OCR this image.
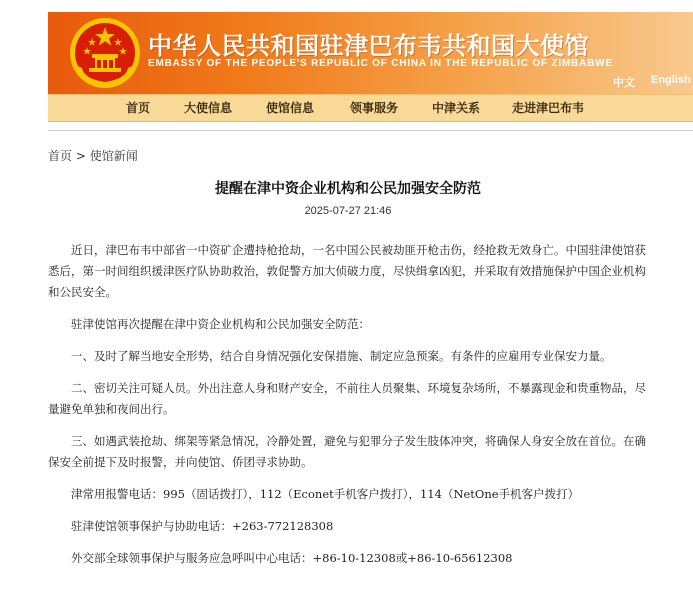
中华人民共和国驻津巴布韦共和国大使馆
EMBASSY OF THE PEOPLE'S REPUBLIC OF CHINA IN THE REPUBLIC OF ZIMBABWE
中文 English
首页	大使信息	使馆信息	领事服务	中津关系	走进津巴布韦
首页 > 使馆新闻
提醒在津中资企业机构和公民加强安全防范
2025-07-27 21:46

近日，津巴布韦中部省一中资矿企遭持枪抢劫，一名中国公民被劫匪开枪击伤，经抢救无效身亡。中国驻津使馆获悉后，第一时间组织援津医疗队协助救治，敦促警方加大侦破力度，尽快缉拿凶犯，并采取有效措施保护中国企业机构和公民安全。

驻津使馆再次提醒在津中资企业机构和公民加强安全防范：

一、及时了解当地安全形势，结合自身情况强化安保措施、制定应急预案。有条件的应雇用专业保安力量。

二、密切关注可疑人员。外出注意人身和财产安全，不前往人员聚集、环境复杂场所，不暴露现金和贵重物品，尽量避免单独和夜间出行。

三、如遇武装抢劫、绑架等紧急情况，冷静处置，避免与犯罪分子发生肢体冲突，将确保人身安全放在首位。在确保安全前提下及时报警，并向使馆、侨团寻求协助。

津常用报警电话：995（固话拨打），112（Econet手机客户拨打），114（NetOne手机客户拨打）

驻津使馆领事保护与协助电话：+263-772128308

外交部全球领事保护与服务应急呼叫中心电话：+86-10-12308或+86-10-65612308
